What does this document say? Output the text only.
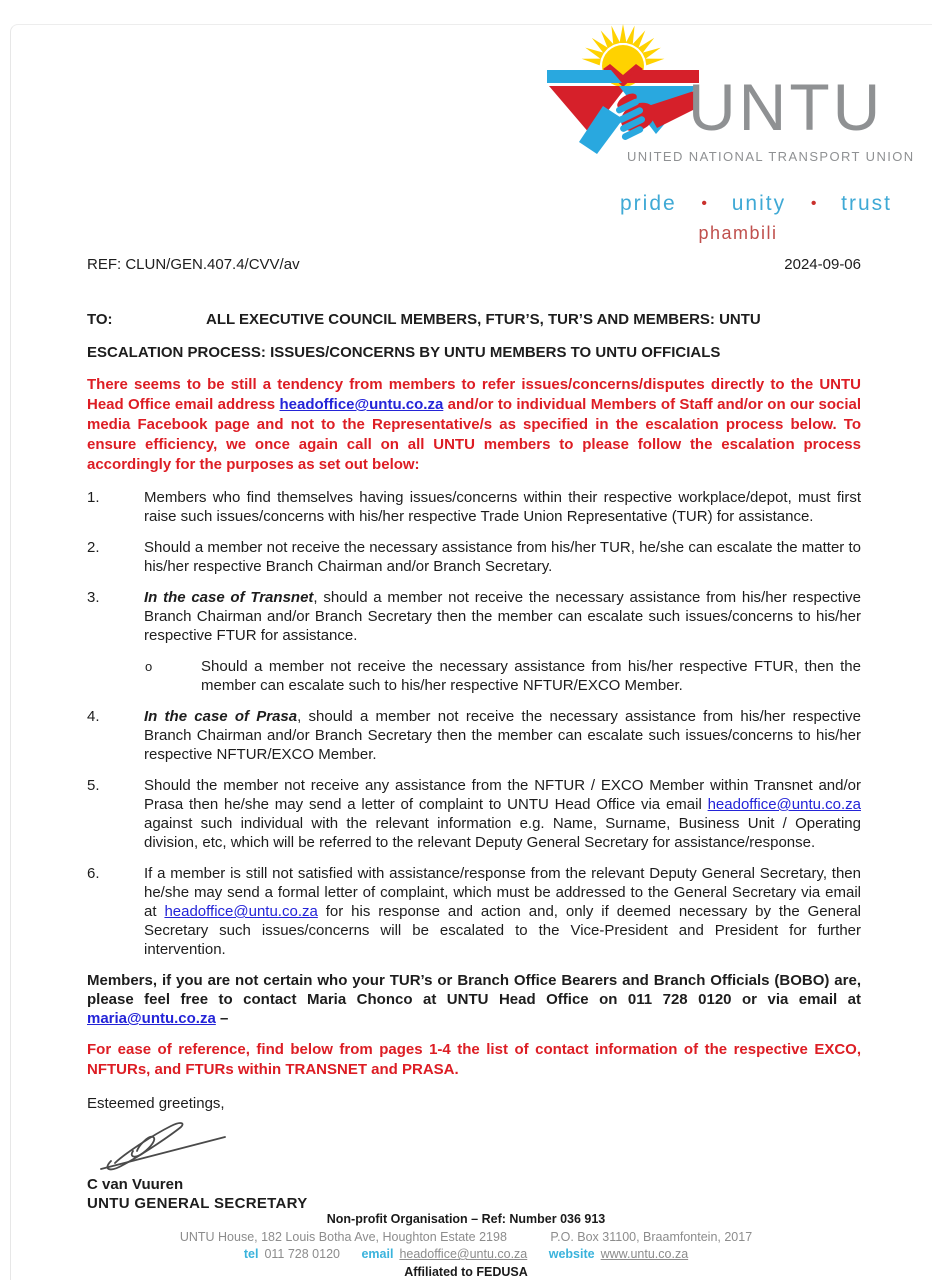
UNTU
UNITED NATIONAL TRANSPORT UNION
pride • unity • trust
phambili
REF: CLUN/GEN.407.4/CVV/av	2024-09-06
TO:	ALL EXECUTIVE COUNCIL MEMBERS, FTUR’S, TUR’S AND MEMBERS: UNTU
ESCALATION PROCESS: ISSUES/CONCERNS BY UNTU MEMBERS TO UNTU OFFICIALS
There seems to be still a tendency from members to refer issues/concerns/disputes directly to the UNTU Head Office email address headoffice@untu.co.za and/or to individual Members of Staff and/or on our social media Facebook page and not to the Representative/s as specified in the escalation process below. To ensure efficiency, we once again call on all UNTU members to please follow the escalation process accordingly for the purposes as set out below:
1.	Members who find themselves having issues/concerns within their respective workplace/depot, must first raise such issues/concerns with his/her respective Trade Union Representative (TUR) for assistance.
2.	Should a member not receive the necessary assistance from his/her TUR, he/she can escalate the matter to his/her respective Branch Chairman and/or Branch Secretary.
3.	In the case of Transnet, should a member not receive the necessary assistance from his/her respective Branch Chairman and/or Branch Secretary then the member can escalate such issues/concerns to his/her respective FTUR for assistance.
o	Should a member not receive the necessary assistance from his/her respective FTUR, then the member can escalate such to his/her respective NFTUR/EXCO Member.
4.	In the case of Prasa, should a member not receive the necessary assistance from his/her respective Branch Chairman and/or Branch Secretary then the member can escalate such issues/concerns to his/her respective NFTUR/EXCO Member.
5.	Should the member not receive any assistance from the NFTUR / EXCO Member within Transnet and/or Prasa then he/she may send a letter of complaint to UNTU Head Office via email headoffice@untu.co.za against such individual with the relevant information e.g. Name, Surname, Business Unit / Operating division, etc, which will be referred to the relevant Deputy General Secretary for assistance/response.
6.	If a member is still not satisfied with assistance/response from the relevant Deputy General Secretary, then he/she may send a formal letter of complaint, which must be addressed to the General Secretary via email at headoffice@untu.co.za for his response and action and, only if deemed necessary by the General Secretary such issues/concerns will be escalated to the Vice-President and President for further intervention.
Members, if you are not certain who your TUR’s or Branch Office Bearers and Branch Officials (BOBO) are, please feel free to contact Maria Chonco at UNTU Head Office on 011 728 0120 or via email at maria@untu.co.za –
For ease of reference, find below from pages 1-4 the list of contact information of the respective EXCO, NFTURs, and FTURs within TRANSNET and PRASA.
Esteemed greetings,
C van Vuuren
UNTU GENERAL SECRETARY
Non-profit Organisation – Ref: Number 036 913
UNTU House, 182 Louis Botha Ave, Houghton Estate 2198	P.O. Box 31100, Braamfontein, 2017
tel 011 728 0120 email headoffice@untu.co.za website www.untu.co.za
Affiliated to FEDUSA
